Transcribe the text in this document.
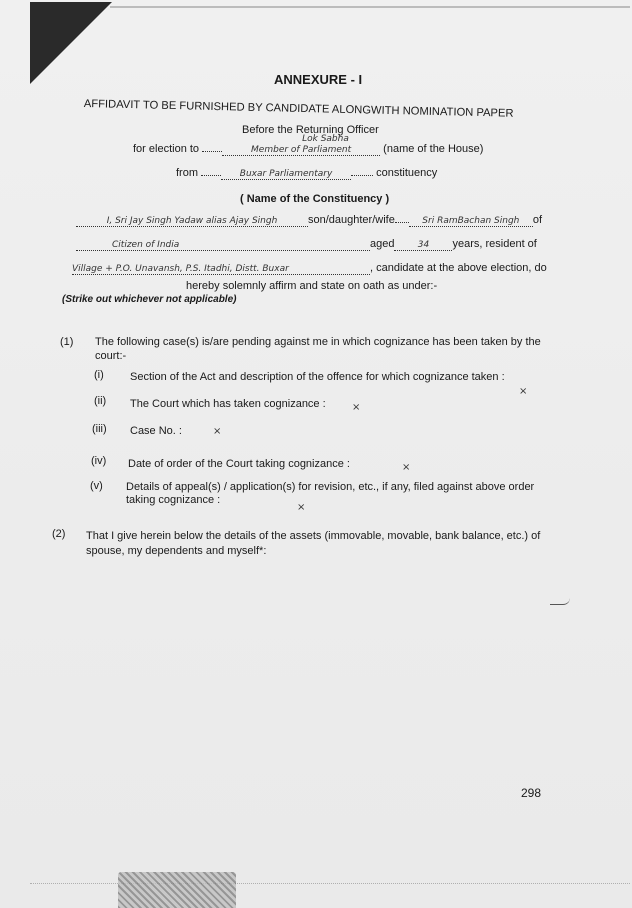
ANNEXURE - I
AFFIDAVIT TO BE FURNISHED BY CANDIDATE ALONGWITH NOMINATION PAPER
Before the Returning Officer
for election to
Lok Sabha
Member of Parliament	(name of the House)
from	Buxar Parliamentary	constituency
( Name of the Constituency )
I, Sri Jay Singh Yadaw alias Ajay Singh	son/daughter/wife	Sri RamBachan Singh of
Citizen of India	aged	34 years, resident of
Village + P.O. Unavansh, P.S. Itadhi, Distt. Buxar	, candidate at the above election, do
hereby solemnly affirm and state on oath as under:-
(Strike out whichever not applicable)
(1) The following case(s) is/are pending against me in which cognizance has been taken by the
court:-
(i) Section of the Act and description of the offence for which cognizance taken :
×
(ii) The Court which has taken cognizance :	×
(iii) Case No. :	×
(iv) Date of order of the Court taking cognizance :	×
(v) Details of appeal(s) / application(s) for revision, etc., if any, filed against above order
taking cognizance :
×
(2) That I give herein below the details of the assets (immovable, movable, bank balance, etc.) of
spouse, my dependents and myself*:
298
